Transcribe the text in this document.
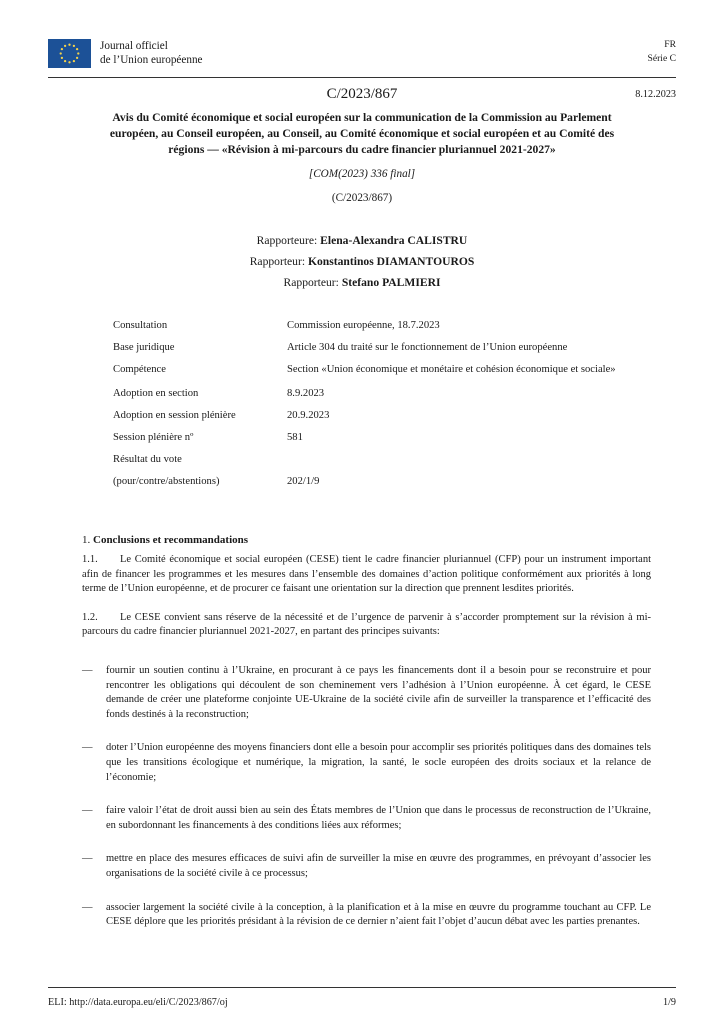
Journal officiel
de l’Union européenne
FR
Série C
C/2023/867	8.12.2023
Avis du Comité économique et social européen sur la communication de la Commission au Parlement européen, au Conseil européen, au Conseil, au Comité économique et social européen et au Comité des régions — «Révision à mi-parcours du cadre financier pluriannuel 2021-2027»
[COM(2023) 336 final]
(C/2023/867)
Rapporteure: Elena-Alexandra CALISTRU
Rapporteur: Konstantinos DIAMANTOUROS
Rapporteur: Stefano PALMIERI
Consultation	Commission européenne, 18.7.2023
Base juridique	Article 304 du traité sur le fonctionnement de l’Union européenne
Compétence	Section «Union économique et monétaire et cohésion économique et sociale»
Adoption en section	8.9.2023
Adoption en session plénière	20.9.2023
Session plénière nº	581
Résultat du vote
(pour/contre/abstentions)	202/1/9
1. Conclusions et recommandations

1.1. Le Comité économique et social européen (CESE) tient le cadre financier pluriannuel (CFP) pour un instrument important afin de financer les programmes et les mesures dans l’ensemble des domaines d’action politique conformément aux priorités à long terme de l’Union européenne, et de procurer ce faisant une orientation sur la direction que prennent lesdites priorités.

1.2. Le CESE convient sans réserve de la nécessité et de l’urgence de parvenir à s’accorder promptement sur la révision à mi-parcours du cadre financier pluriannuel 2021-2027, en partant des principes suivants:

—	fournir un soutien continu à l’Ukraine, en procurant à ce pays les financements dont il a besoin pour se reconstruire et pour rencontrer les obligations qui découlent de son cheminement vers l’adhésion à l’Union européenne. À cet égard, le CESE demande de créer une plateforme conjointe UE-Ukraine de la société civile afin de surveiller la transparence et l’efficacité des fonds destinés à la reconstruction;
—	doter l’Union européenne des moyens financiers dont elle a besoin pour accomplir ses priorités politiques dans des domaines tels que les transitions écologique et numérique, la migration, la santé, le socle européen des droits sociaux et la relance de l’économie;
—	faire valoir l’état de droit aussi bien au sein des États membres de l’Union que dans le processus de reconstruction de l’Ukraine, en subordonnant les financements à des conditions liées aux réformes;
—	mettre en place des mesures efficaces de suivi afin de surveiller la mise en œuvre des programmes, en prévoyant d’associer les organisations de la société civile à ce processus;
—	associer largement la société civile à la conception, à la planification et à la mise en œuvre du programme touchant au CFP. Le CESE déplore que les priorités présidant à la révision de ce dernier n’aient fait l’objet d’aucun débat avec les parties prenantes.
ELI: http://data.europa.eu/eli/C/2023/867/oj	1/9
